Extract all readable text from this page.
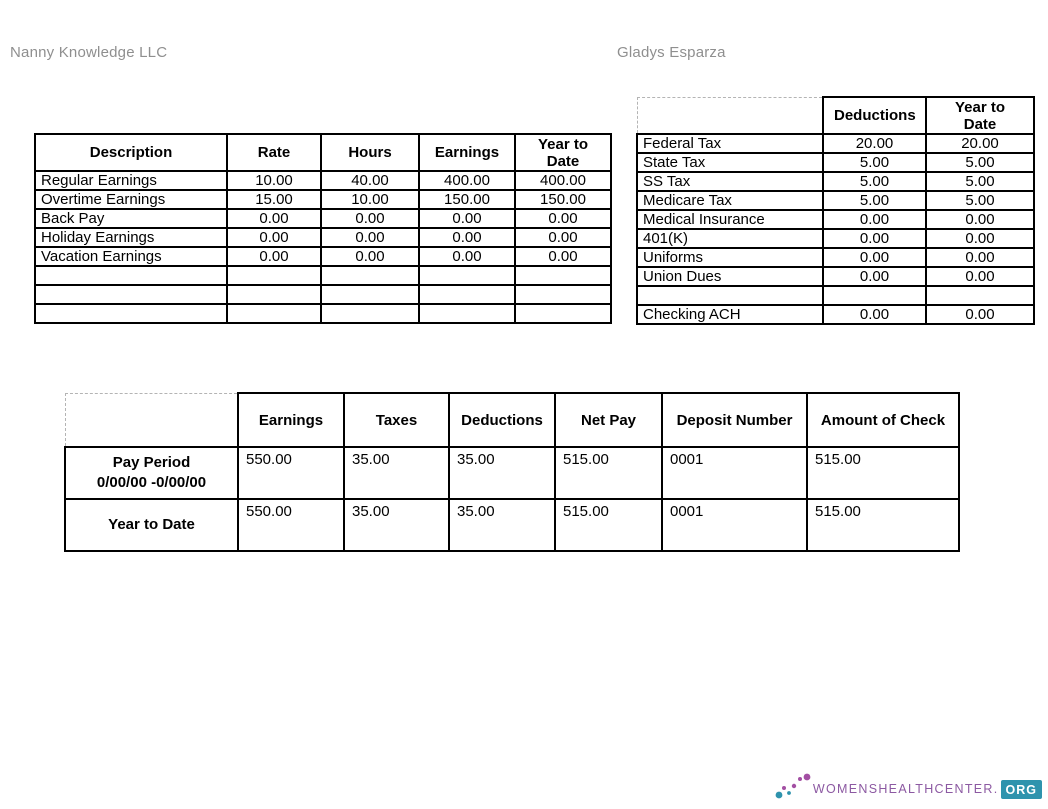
Nanny Knowledge LLC	Gladys Esparza
Description	Rate	Hours	Earnings	Year to Date
Regular Earnings	10.00	40.00	400.00	400.00
Overtime Earnings	15.00	10.00	150.00	150.00
Back Pay	0.00	0.00	0.00	0.00
Holiday Earnings	0.00	0.00	0.00	0.00
Vacation Earnings	0.00	0.00	0.00	0.00

	Deductions	Year to Date
Federal Tax	20.00	20.00
State Tax	5.00	5.00
SS Tax	5.00	5.00
Medicare Tax	5.00	5.00
Medical Insurance	0.00	0.00
401(K)	0.00	0.00
Uniforms	0.00	0.00
Union Dues	0.00	0.00

Checking ACH	0.00	0.00
	Earnings	Taxes	Deductions	Net Pay	Deposit Number	Amount of Check

Pay Period
0/00/00 -0/00/00	550.00	35.00	35.00	515.00	0001	515.00

Year to Date	550.00	35.00	35.00	515.00	0001	515.00
WOMENSHEALTHCENTER. ORG
